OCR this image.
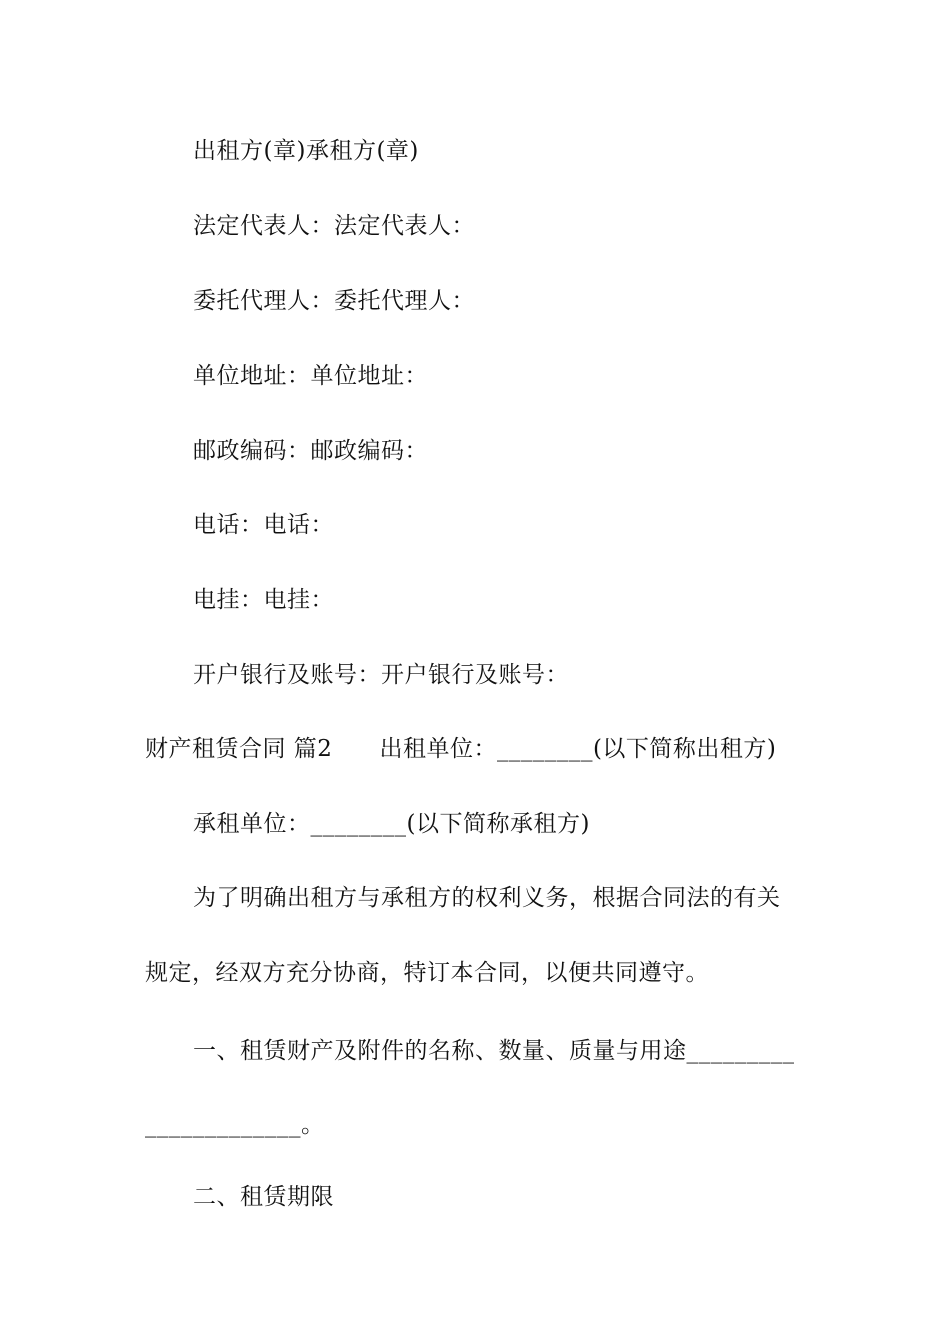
出租方(章)承租方(章)
法定代表人：法定代表人：
委托代理人：委托代理人：
单位地址：单位地址：
邮政编码：邮政编码：
电话：电话：
电挂：电挂：
开户银行及账号：开户银行及账号：
财产租赁合同 篇2　　出租单位：________(以下简称出租方)
承租单位：________(以下简称承租方)
为了明确出租方与承租方的权利义务，根据合同法的有关
规定，经双方充分协商，特订本合同，以便共同遵守。
一、租赁财产及附件的名称、数量、质量与用途_________
_____________。
二、租赁期限
